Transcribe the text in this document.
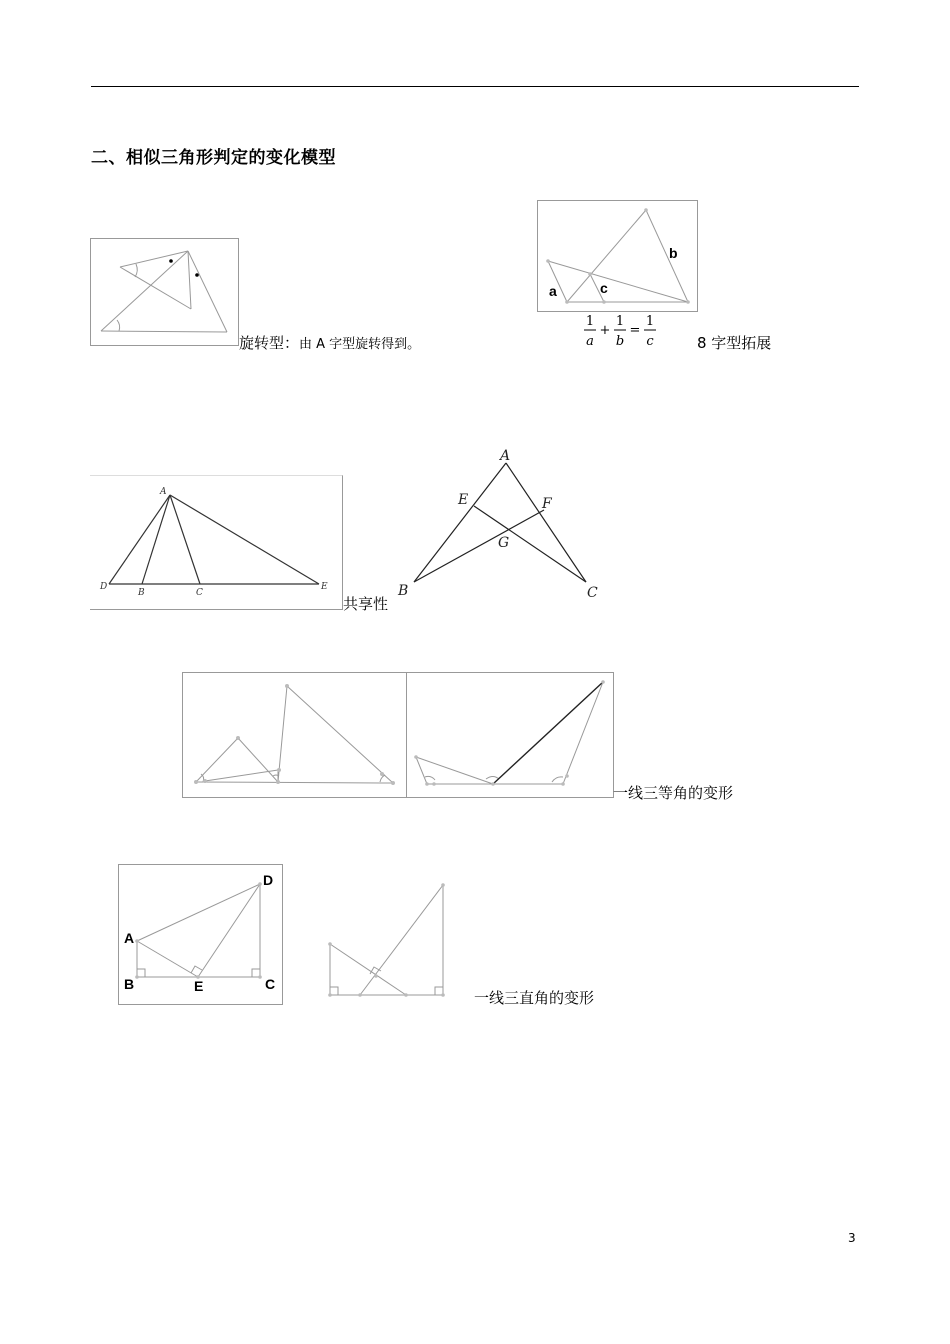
二、相似三角形判定的变化模型
旋转型：由 A 字型旋转得到。
a
b
c
1
a
+
1
b
=
1
c	8 字型拓展
A
D
B	C
E
共享性
A
E	F
G
B	C
一线三等角的变形
A
B	E	C
D
一线三直角的变形
3
